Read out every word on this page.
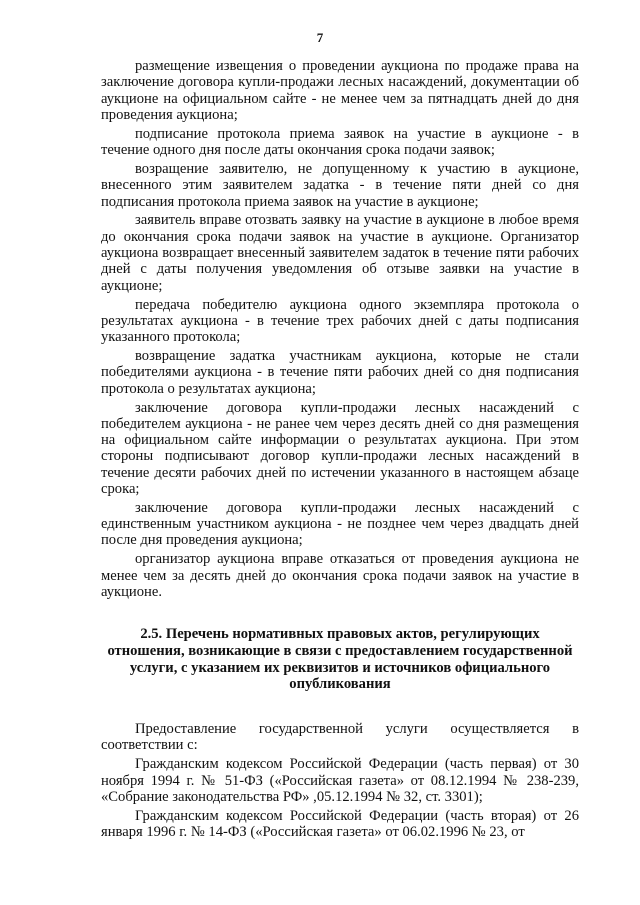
7

размещение извещения о проведении аукциона по продаже права на заключение договора купли-продажи лесных насаждений, документации об аукционе на официальном сайте - не менее чем за пятнадцать дней до дня проведения аукциона;

подписание протокола приема заявок на участие в аукционе - в течение одного дня после даты окончания срока подачи заявок;

возращение заявителю, не допущенному к участию в аукционе, внесенного этим заявителем задатка - в течение пяти дней со дня подписания протокола приема заявок на участие в аукционе;

заявитель вправе отозвать заявку на участие в аукционе в любое время до окончания срока подачи заявок на участие в аукционе. Организатор аукциона возвращает внесенный заявителем задаток в течение пяти рабочих дней с даты получения уведомления об отзыве заявки на участие в аукционе;

передача победителю аукциона одного экземпляра протокола о результатах аукциона - в течение трех рабочих дней с даты подписания указанного протокола;

возвращение задатка участникам аукциона, которые не стали победителями аукциона - в течение пяти рабочих дней со дня подписания протокола о результатах аукциона;

заключение договора купли-продажи лесных насаждений с победителем аукциона - не ранее чем через десять дней со дня размещения на официальном сайте информации о результатах аукциона. При этом стороны подписывают договор купли-продажи лесных насаждений в течение десяти рабочих дней по истечении указанного в настоящем абзаце срока;

заключение договора купли-продажи лесных насаждений с единственным участником аукциона - не позднее чем через двадцать дней после дня проведения аукциона;

организатор аукциона вправе отказаться от проведения аукциона не менее чем за десять дней до окончания срока подачи заявок на участие в аукционе.

2.5. Перечень нормативных правовых актов, регулирующих
отношения, возникающие в связи с предоставлением государственной
услуги, с указанием их реквизитов и источников официального
опубликования

Предоставление государственной услуги осуществляется в соответствии с:

Гражданским кодексом Российской Федерации (часть первая) от 30 ноября 1994 г. № 51-ФЗ («Российская газета» от 08.12.1994 № 238-239, «Собрание законодательства РФ» ,05.12.1994 № 32, ст. 3301);

Гражданским кодексом Российской Федерации (часть вторая) от 26 января 1996 г. № 14-ФЗ («Российская газета» от 06.02.1996 № 23, от
